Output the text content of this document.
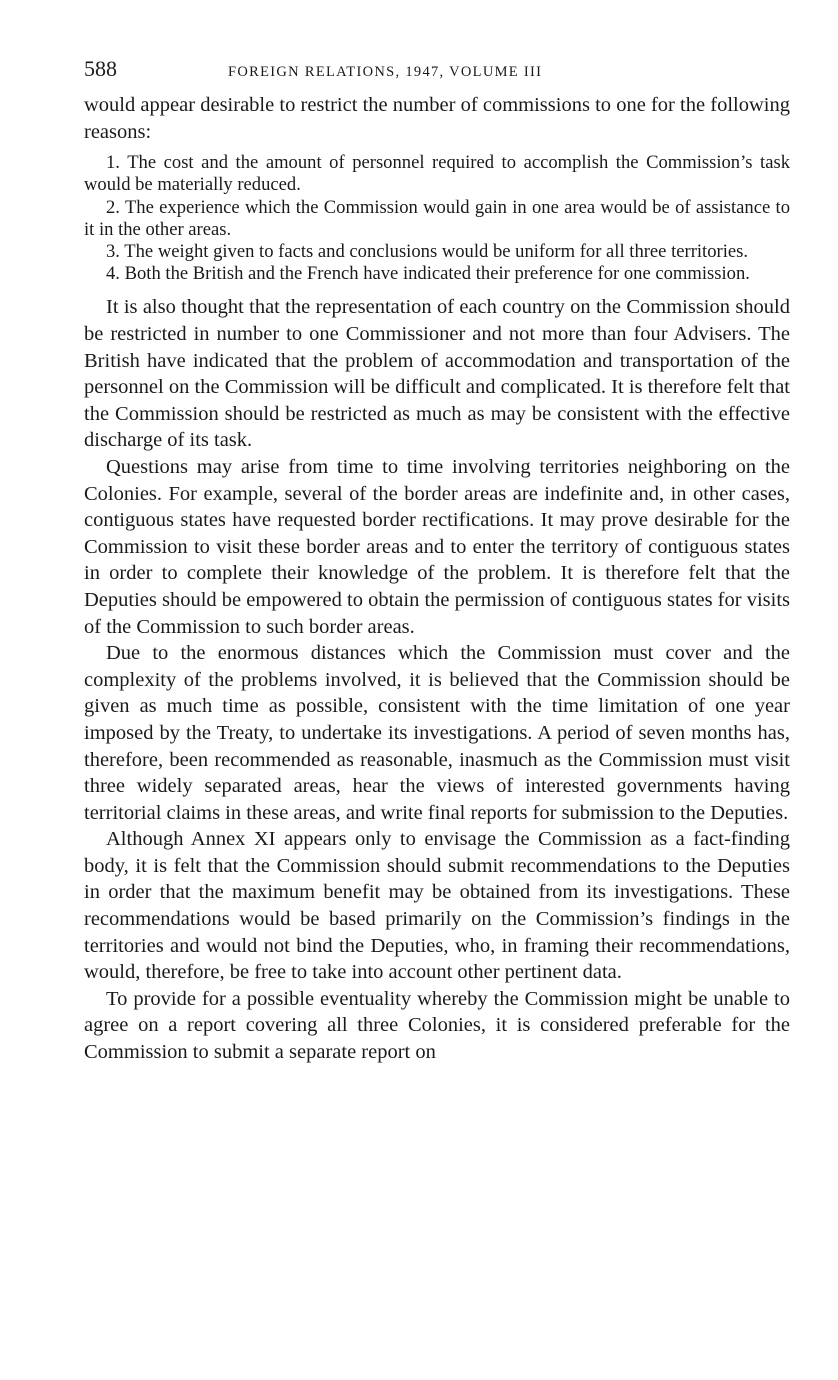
588	FOREIGN RELATIONS, 1947, VOLUME III

would appear desirable to restrict the number of commissions to one for the following reasons:

1. The cost and the amount of personnel required to accomplish the Commission’s task would be materially reduced.
2. The experience which the Commission would gain in one area would be of assistance to it in the other areas.
3. The weight given to facts and conclusions would be uniform for all three territories.
4. Both the British and the French have indicated their preference for one commission.

It is also thought that the representation of each country on the Commission should be restricted in number to one Commissioner and not more than four Advisers. The British have indicated that the problem of accommodation and transportation of the personnel on the Commission will be difficult and complicated. It is therefore felt that the Commission should be restricted as much as may be consistent with the effective discharge of its task.

Questions may arise from time to time involving territories neighboring on the Colonies. For example, several of the border areas are indefinite and, in other cases, contiguous states have requested border rectifications. It may prove desirable for the Commission to visit these border areas and to enter the territory of contiguous states in order to complete their knowledge of the problem. It is therefore felt that the Deputies should be empowered to obtain the permission of contiguous states for visits of the Commission to such border areas.

Due to the enormous distances which the Commission must cover and the complexity of the problems involved, it is believed that the Commission should be given as much time as possible, consistent with the time limitation of one year imposed by the Treaty, to undertake its investigations. A period of seven months has, therefore, been recommended as reasonable, inasmuch as the Commission must visit three widely separated areas, hear the views of interested governments having territorial claims in these areas, and write final reports for submission to the Deputies.

Although Annex XI appears only to envisage the Commission as a fact-finding body, it is felt that the Commission should submit recommendations to the Deputies in order that the maximum benefit may be obtained from its investigations. These recommendations would be based primarily on the Commission’s findings in the territories and would not bind the Deputies, who, in framing their recommendations, would, therefore, be free to take into account other pertinent data.

To provide for a possible eventuality whereby the Commission might be unable to agree on a report covering all three Colonies, it is considered preferable for the Commission to submit a separate report on
